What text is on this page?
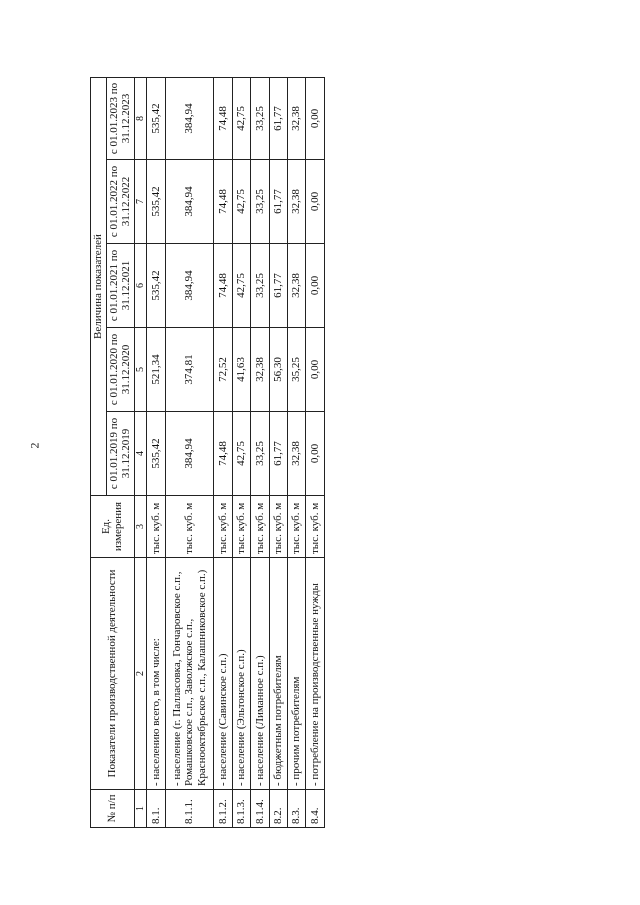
2
№ п/п	Показатели производственной деятельности	Ед. измерения	Величина показателей				
			с 01.01.2019 по 31.12.2019	с 01.01.2020 по 31.12.2020	с 01.01.2021 по 31.12.2021	с 01.01.2022 по 31.12.2022	с 01.01.2023 по 31.12.2023
1	2	3	4	5	6	7	8
8.1.	- населению всего, в том числе:	тыс. куб. м	535,42	521,34	535,42	535,42	535,42
8.1.1.	- население (г. Палласовка, Гончаровское с.п., Ромашковское с.п., Заволжское с.п., Краснооктябрьское с.п., Калашниковское с.п.)	тыс. куб. м	384,94	374,81	384,94	384,94	384,94
8.1.2.	- население (Савинское с.п.)	тыс. куб. м	74,48	72,52	74,48	74,48	74,48
8.1.3.	- население (Эльтонское с.п.)	тыс. куб. м	42,75	41,63	42,75	42,75	42,75
8.1.4.	- население (Лиманное с.п.)	тыс. куб. м	33,25	32,38	33,25	33,25	33,25
8.2.	- бюджетным потребителям	тыс. куб. м	61,77	56,30	61,77	61,77	61,77
8.3.	- прочим потребителям	тыс. куб. м	32,38	35,25	32,38	32,38	32,38
8.4.	- потребление на производственные нужды	тыс. куб. м	0,00	0,00	0,00	0,00	0,00
